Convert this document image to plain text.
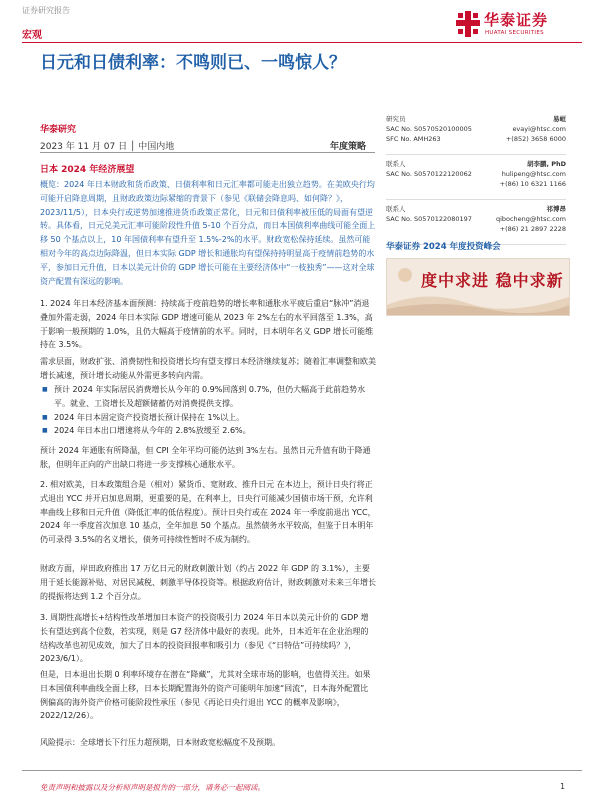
证券研究报告
宏观
华泰证券
HUATAI SECURITIES
日元和日债利率：不鸣则已、一鸣惊人？
华泰研究
2023 年 11 月 07 日 │ 中国内地	年度策略
日本 2024 年经济展望
概览：2024 年日本财政和货币政策、日债利率和日元汇率都可能走出独立趋势。在美欧央行均可能开启降息周期，且财政政策边际紧缩的背景下（参见《联储会降息吗、如何降？》，2023/11/5），日本央行或逆势加速推进货币政策正常化，日元和日债利率被压低的局面有望逆转。具体看，日元兑美元汇率可能阶段性升值 5-10 个百分点，而日本国债利率曲线可能全面上移 50 个基点以上，10 年国债利率有望升至 1.5%-2%的水平。财政宽松保持延续。虽然可能相对今年的高点边际降温，但日本实际 GDP 增长和通胀均有望保持持明显高于疫情前趋势的水平，参加日元升值，日本以美元计价的 GDP 增长可能在主要经济体中“一枝独秀”——这对全球资产配置有深远的影响。
1. 2024 年日本经济基本面预测：持续高于疫前趋势的增长率和通胀水平疲后重启“脉冲”消退叠加外需走弱，2024 年日本实际 GDP 增速可能从 2023 年 2%左右的水平回落至 1.3%，高于影响一般预期的 1.0%，且仍大幅高于疫情前的水平。同时，日本明年名义 GDP 增长可能维持在 3.5%。
需求层面，财政扩张、消费韧性和投资增长均有望支撑日本经济继续复苏；随着汇率调整和欧美增长减速，预计增长动能从外需更多转向内需。
■ 预计 2024 年实际居民消费增长从今年的 0.9%回落到 0.7%，但仍大幅高于此前趋势水平。就业、工资增长及超额储蓄仍对消费提供支撑。
■ 2024 年日本固定资产投资增长预计保持在 1%以上。
■ 2024 年日本出口增速将从今年的 2.8%放缓至 2.6%。
预计 2024 年通胀有所降温，但 CPI 全年平均可能仍达到 3%左右。虽然日元升值有助于降通胀，但明年正向的产出缺口将进一步支撑核心通胀水平。
2. 相对欧美，日本政策组合是（相对）紧货币、宽财政、推升日元 在本边上，预计日央行将正式退出 YCC 并开启加息周期，更重要的是，在利率上，日央行可能减少国债市场干预，允许利率曲线上移和日元升值（降低汇率的低估程度）。预计日央行或在 2024 年一季度前退出 YCC，2024 年一季度首次加息 10 基点，全年加息 50 个基点。虽然债务水平较高，但鉴于日本明年仍可录得 3.5%的名义增长，债务可持续性暂时不成为制约。
财政方面，岸田政府推出 17 万亿日元的财政刺激计划（约占 2022 年 GDP 的 3.1%），主要用于延长能源补贴、对居民减税、刺激半导体投资等。根据政府估计，财政刺激对未来三年增长的提振将达到 1.2 个百分点。
3. 周期性高增长+结构性改革增加日本资产的投资吸引力 2024 年日本以美元计价的 GDP 增长有望达到高个位数，若实现，则是 G7 经济体中最好的表现。此外，日本近年在企业治理的结构改革也初见成效，加大了日本的投资回报率和吸引力（参见《“日特估”可持续吗？》，2023/6/1）。
但是，日本退出长期 0 利率环境存在潜在“降藏”，尤其对全球市场的影响，也值得关注。如果日本国债利率曲线全面上移，日本长期配置海外的资产可能明年加速“回流”，日本海外配置比例偏高的海外资产价格可能阶段性承压（参见《再论日央行退出 YCC 的概率及影响》，2022/12/26）。
风险提示：全球增长下行压力超预期，日本财政宽松幅度不及预期。
研究员	易峘
SAC No. S0570520100005	evayi@htsc.com
SFC No. AMH263	+(852) 3658 6000
联系人	胡李鹏, PhD
SAC No. S0570122120062	hulipeng@htsc.com
+(86) 10 6321 1166
联系人	祁博昂
SAC No. S0570122080197	qibocheng@htsc.com
+(86) 21 2897 2228
华泰证券 2024 年度投资峰会
度中求进 稳中求新
免责声明和披露以及分析师声明是报告的一部分，请务必一起阅读。	1
